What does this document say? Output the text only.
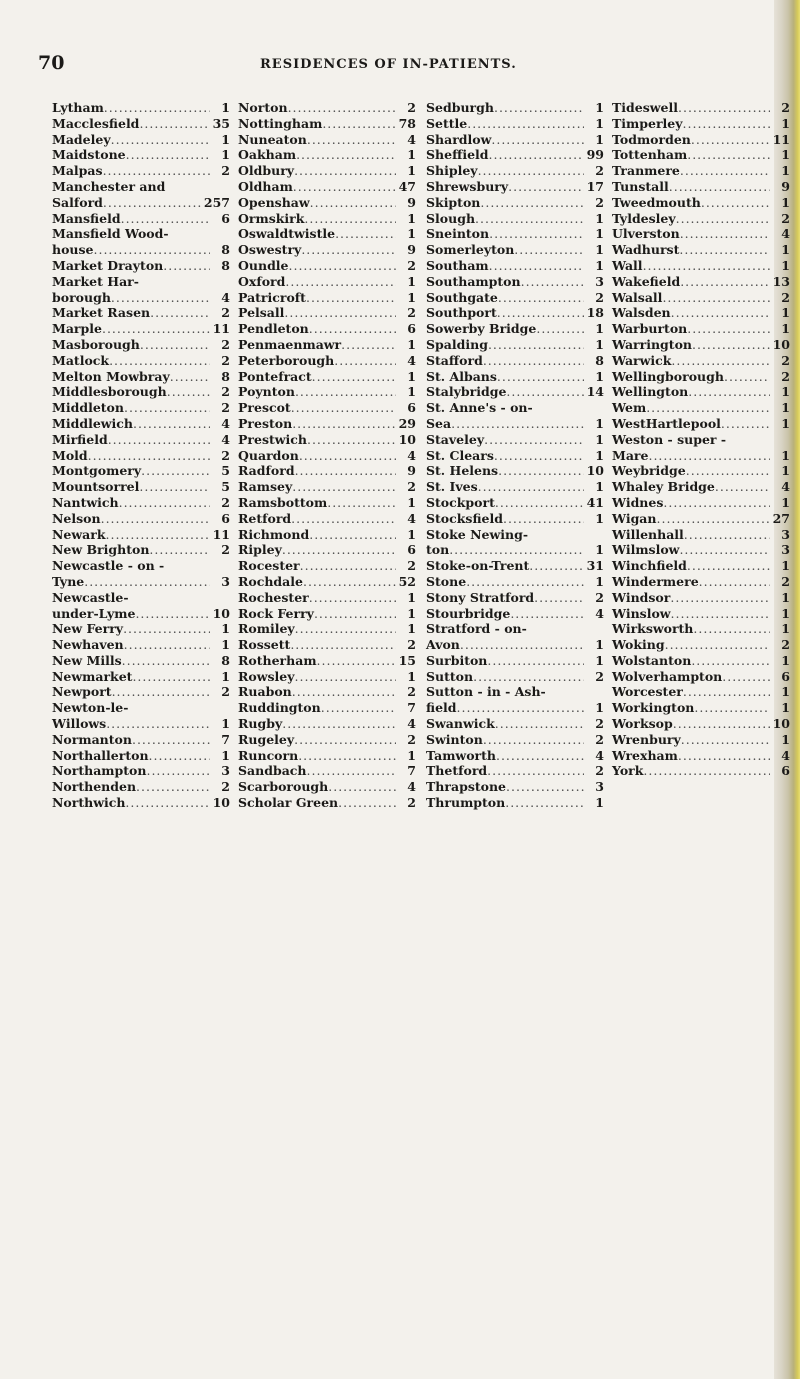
70	RESIDENCES OF IN-PATIENTS.
Lytham .....	1
Macclesfield .....	35
Madeley .....	1
Maidstone .....	1
Malpas .....	2
Manchester and
Salford .....	257
Mansfield .....	6
Mansfield Wood-
house .....	8
Market Drayton .....	8
Market Har-
borough .....	4
Market Rasen .....	2
Marple .....	11
Masborough .....	2
Matlock .....	2
Melton Mowbray .....	8
Middlesborough .....	2
Middleton .....	2
Middlewich .....	4
Mirfield .....	4
Mold .....	2
Montgomery .....	5
Mountsorrel .....	5
Nantwich .....	2
Nelson .....	6
Newark .....	11
New Brighton .....	2
Newcastle - on -
Tyne .....	3
Newcastle-
under-Lyme .....	10
New Ferry .....	1
Newhaven .....	1
New Mills .....	8
Newmarket .....	1
Newport .....	2
Newton-le-
Willows .....	1
Normanton .....	7
Northallerton .....	1
Northampton .....	3
Northenden .....	2
Northwich .....	10
Norton .....	2
Nottingham .....	78
Nuneaton .....	4
Oakham .....	1
Oldbury .....	1
Oldham .....	47
Openshaw .....	9
Ormskirk .....	1
Oswaldtwistle .....	1
Oswestry .....	9
Oundle .....	2
Oxford .....	1
Patricroft .....	1
Pelsall .....	2
Pendleton .....	6
Penmaenmawr .....	1
Peterborough .....	4
Pontefract .....	1
Poynton .....	1
Prescot .....	6
Preston .....	29
Prestwich .....	10
Quardon .....	4
Radford .....	9
Ramsey .....	2
Ramsbottom .....	1
Retford .....	4
Richmond .....	1
Ripley .....	6
Rocester .....	2
Rochdale .....	52
Rochester .....	1
Rock Ferry .....	1
Romiley .....	1
Rossett .....	2
Rotherham .....	15
Rowsley .....	1
Ruabon .....	2
Ruddington .....	7
Rugby .....	4
Rugeley .....	2
Runcorn .....	1
Sandbach .....	7
Scarborough .....	4
Scholar Green .....	2
Sedburgh .....	1
Settle .....	1
Shardlow .....	1
Sheffield .....	99
Shipley .....	2
Shrewsbury .....	17
Skipton .....	2
Slough .....	1
Sneinton .....	1
Somerleyton .....	1
Southam .....	1
Southampton .....	3
Southgate .....	2
Southport .....	18
Sowerby Bridge .....	1
Spalding .....	1
Stafford .....	8
St. Albans .....	1
Stalybridge .....	14
St. Anne's - on-
Sea .....	1
Staveley .....	1
St. Clears .....	1
St. Helens .....	10
St. Ives .....	1
Stockport .....	41
Stocksfield .....	1
Stoke Newing-
ton .....	1
Stoke-on-Trent .....	31
Stone .....	1
Stony Stratford .....	2
Stourbridge .....	4
Stratford - on-
Avon .....	1
Surbiton .....	1
Sutton .....	2
Sutton - in - Ash-
field .....	1
Swanwick .....	2
Swinton .....	2
Tamworth .....	4
Thetford .....	2
Thrapstone .....	3
Thrumpton .....	1
Tideswell .....	2
Timperley .....	1
Todmorden .....	11
Tottenham .....	1
Tranmere .....	1
Tunstall .....	9
Tweedmouth .....	1
Tyldesley .....	2
Ulverston .....	4
Wadhurst .....	1
Wall .....	1
Wakefield .....	13
Walsall .....	2
Walsden .....	1
Warburton .....	1
Warrington .....	10
Warwick .....	2
Wellingborough .....	2
Wellington .....	1
Wem .....	1
WestHartlepool .....	1
Weston - super -
Mare .....	1
Weybridge .....	1
Whaley Bridge .....	4
Widnes .....	1
Wigan .....	27
Willenhall .....	3
Wilmslow .....	3
Winchfield .....	1
Windermere .....	2
Windsor .....	1
Winslow .....	1
Wirksworth .....	1
Woking .....	2
Wolstanton .....	1
Wolverhampton .....	6
Worcester .....	1
Workington .....	1
Worksop .....	10
Wrenbury .....	1
Wrexham .....	4
York .....	6
